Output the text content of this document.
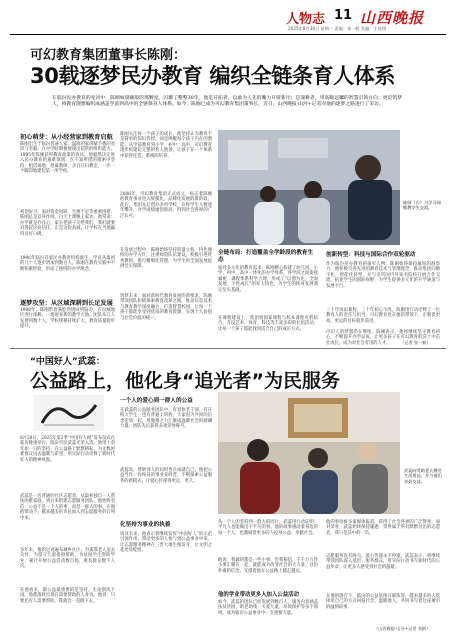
人物志 11 山西晚报
2025年8月30日 星期一 责编：张一帆 美编：王保翔
可幻教育集团董事长陈刚：
30载逐梦民办教育 编织全链条育人体系
在临汾民办教育的星河中，陈刚如晨曦般的那颗星，闪耀了整整30年。他是开拓者，以敢为人先的魄力开辟新径；是深耕者，用高瞻远瞩的智慧引领方向；更是筑梦人，将教育理想编织成涵盖学前到高中的全链条育人体系。如今，陈刚已成为可幻教育集团董事长，近日，山西晚报·山河+记者对他的逐梦之路进行了采访。
初心萌芽：从小经营家到教育启航
陈刚出生于临汾普通人家，温润的家风赋予他的宽厚与坚毅。在中学时期便展现出超常的组织能力。1995年陈刚获得教育政策的春风，他毅然决定进入民办教育的艰难领域，在不知所措的摸索中坚持，租借场地、招募教师、亲自打扫教室，一步一个脚印地建起第一所学校。
初创岁月，面对资金短缺、生源不足等重重困难，陈刚总是以身作则，白天上课晚上家访。他常说：办学就是办良心，家长把孩子交给我们，我们就要对得起这份信任。正是这份真诚，让学校在当地赢得良好口碑。
1996年临汾首家民办教育机构诞生，学员从最初的几十人逐步增加到数百人，陈刚在教育实践中不断积累经验，形成了独特的办学理念。
逐梦攻坚：从区域深耕到长足发展
1998年，陈刚带着满腔热情回到临汾，在汾城地区进行深耕。一场迎来新的教学天地，团队从几人发展到数十人，学校规模持续扩大，教育质量稳步提升。
陈刚关注每一个孩子的成长，他坚持认为教育不是简单的知识传授，而是唤醒每个孩子内在的潜能。从学前教育到小学、初中、高中，可幻教育逐步构建起完整的育人链条，让孩子在一个体系中获得连贯、系统的培养。
2006年，可幻教育集团正式成立，标志着陈刚的教育事业进入规模化、品牌化发展的新阶段。此后，集团先后创办多所学校，在校学生人数逐年攀升，办学成绩屡创新高，得到社会各界的广泛认可。
在发展过程中，陈刚始终坚持质量立校、特色强校的办学方针，注重师资队伍建设，积极引进优秀教师，推行精细化管理，为学生的全面发展提供坚实保障。
筑梦未来：面对新时代教育发展的新要求，陈刚带领团队积极探索教育改革之路，推动信息技术与教育教学深度融合，打造智慧校园，让每一个孩子都能享受到优质的教育资源，实现个人价值与社会价值的统一。
陈刚（右）与学习闻熊教学生交流。
全链布局：打造覆盖全学龄段的教育生态
面对多元化的教育需求，陈刚精心构建了幼儿园、小学、初中、高中一体化的办学体系。各学段之间衔接紧密、课程体系科学合理，形成了“以德为先、全面发展、个性成长”的育人特色，为学生的终身发展奠定坚实基础。
在课程建设上，集团将国家课程与校本课程有机结合，开设艺术、体育、科技等丰富多彩的社团活动，让每一个孩子都能找到适合自己的成长方式。
创新转型：科技与国际合作双轮驱动
作为临汾民办教育的领军人物，陈刚始终保持敏锐的洞察力。他积极引进先进的教育技术与管理理念，推动集团向数字化、智能化转型，并与多所国内外知名院校开展合作交流，拓宽学生的国际视野，为学生提供多元化的升学通道与发展平台。
三十年风雨兼程，三十年初心不改。陈刚用行动诠释了一位教育人的责任与担当，可幻教育也在他的带领下，正朝着更高、更远的目标稳步前进。
可幻人的梦想仍在继续，陈刚表示，他将继续坚守教育初心，不断提升办学品质，让更多孩子在可幻教育的沃土中茁壮成长，成为对社会有用的人才。	（记者 张一帆）
“中国好人”武蕊：
公益路上，他化身“追光者”为民服务
8月28日，2025年第2季“中国好人榜”发布仪式在临汾隆重举行，临汾市民武蕊光荣入选。他用十余年如一日的坚持，在公益路上默默耕耘，为无数困难群众送去温暖与希望，用实际行动诠释了新时代好人的精神风貌。
武蕊是一名普通的社区志愿者，从最初独自一人帮扶困难家庭，到后来组建志愿服务团队，他始终坚信：公益不是一个人的事，而是一群人的事。在他的带动下，越来越多的市民加入到志愿服务的行列中来。
多年来，他的足迹遍布城乡社区，为孤寡老人送去关怀，为留守儿童提供帮助，为贫困学生资助学业，累计开展公益活动数百场，惠及群众数千人次。
在他看来，做公益最重要的是坚持。无论刮风下雨，他都准时出现在需要帮助的人身边。他说：只要还有人需要帮助，我就会一直做下去。
一个人的爱心到一群人的公益
在武蕊的公益服务团队中，有退休老干部、有在校大学生、也有普通上班族，大家因为共同的信念走到一起，用微薄之力汇聚成温暖社会的磅礴力量。团队先后获得多项荣誉称号。
武蕊说，帮助别人的同时也在成就自己。他把公益当作一份终身的事业来经营，不断探索公益服务的新模式，让爱心传递得更远、更久。
化坚持为事业的执着
谈及未来，他表示将继续发挥“中国好人”的示范引领作用，带动更多的人参与到公益事业中来，让志愿服务精神在三晋大地生根发芽，让文明之花处处绽放。
武蕊向受助老人赠送生活用品，并与他们亲切交谈。
从一个人的坚持到一群人的同行，武蕊用行动证明：平凡人也能做出不平凡的事。他的故事感动着身边的每一个人，也激励着更多的人投身公益、奉献社会。
他说：我做的都是一些小事，但我相信，千千万万件小事汇聚在一起，就能成为改变社会的大力量。这份朴素的信念，支撑着他在公益路上越走越远。
他的学业带动更多人加入公益活动
如今，武蕊的团队已经发展到数百人，服务内容涵盖扶贫济困、助老助残、关爱儿童、环境保护等多个领域，成为临汾公益事业中一支重要力量。
他的事迹被多家媒体报道，获得了社会各界的广泛赞誉。面对荣誉，武蕊始终保持谦逊：荣誉属于所有默默付出的志愿者，我只是其中的一员。
志愿服务没有终点，爱心传递永不停歇。武蕊表示，将继续带领团队深入基层、服务群众，用实际行动书写新时代的公益华章，让更多人感受到社会的温暖。
在他的感召下，临汾的公益氛围日渐浓厚，越来越多的人选择用自己的方式回报社会、温暖他人，共同书写着这座城市的温情故事。
（山西晚报·山河+记者 张帆）
